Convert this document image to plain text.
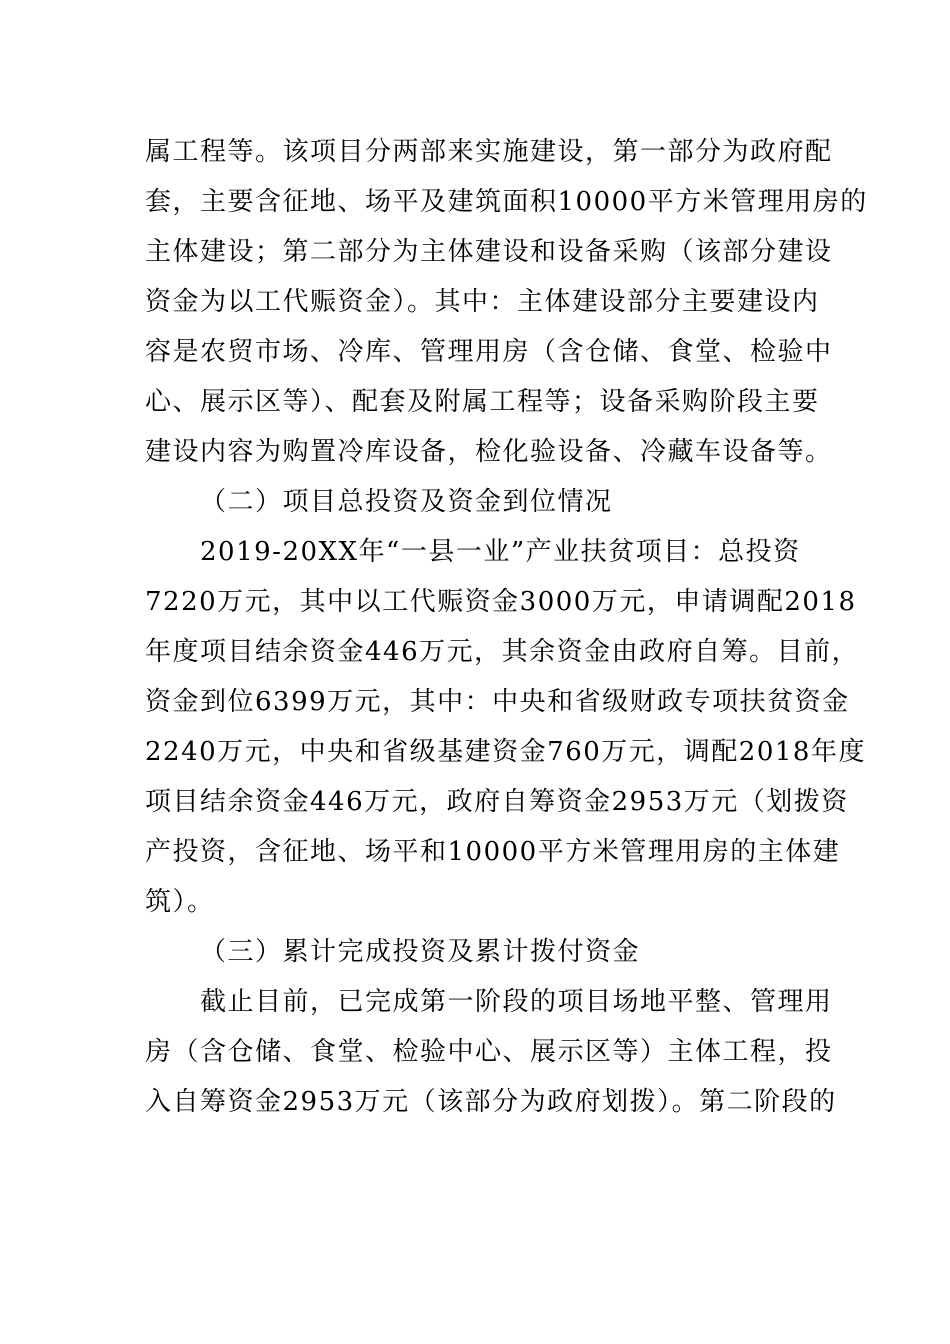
属工程等。该项目分两部来实施建设，第一部分为政府配
套，主要含征地、场平及建筑面积10000平方米管理用房的
主体建设；第二部分为主体建设和设备采购（该部分建设
资金为以工代赈资金）。其中：主体建设部分主要建设内
容是农贸市场、冷库、管理用房（含仓储、食堂、检验中
心、展示区等）、配套及附属工程等；设备采购阶段主要
建设内容为购置冷库设备，检化验设备、冷藏车设备等。
（二）项目总投资及资金到位情况
2019-20XX年“一县一业”产业扶贫项目：总投资
7220万元，其中以工代赈资金3000万元，申请调配2018
年度项目结余资金446万元，其余资金由政府自筹。目前，
资金到位6399万元，其中：中央和省级财政专项扶贫资金
2240万元，中央和省级基建资金760万元，调配2018年度
项目结余资金446万元，政府自筹资金2953万元（划拨资
产投资，含征地、场平和10000平方米管理用房的主体建
筑）。
（三）累计完成投资及累计拨付资金
截止目前，已完成第一阶段的项目场地平整、管理用
房（含仓储、食堂、检验中心、展示区等）主体工程，投
入自筹资金2953万元（该部分为政府划拨）。第二阶段的
